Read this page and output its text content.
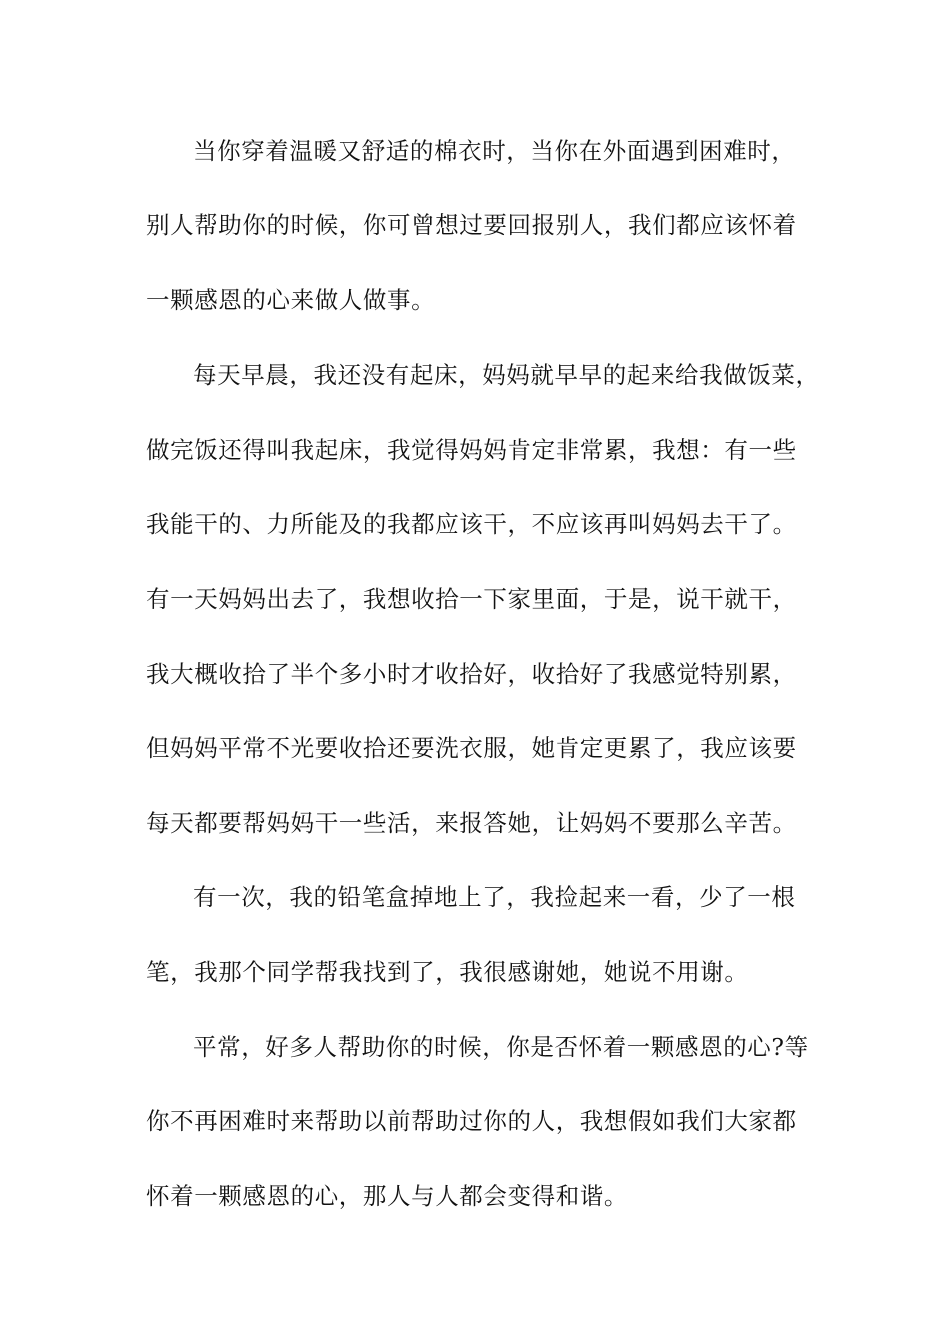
当你穿着温暖又舒适的棉衣时，当你在外面遇到困难时，
别人帮助你的时候，你可曾想过要回报别人，我们都应该怀着
一颗感恩的心来做人做事。
每天早晨，我还没有起床，妈妈就早早的起来给我做饭菜，
做完饭还得叫我起床，我觉得妈妈肯定非常累，我想：有一些
我能干的、力所能及的我都应该干，不应该再叫妈妈去干了。
有一天妈妈出去了，我想收拾一下家里面，于是，说干就干，
我大概收拾了半个多小时才收拾好，收拾好了我感觉特别累，
但妈妈平常不光要收拾还要洗衣服，她肯定更累了，我应该要
每天都要帮妈妈干一些活，来报答她，让妈妈不要那么辛苦。
有一次，我的铅笔盒掉地上了，我捡起来一看，少了一根
笔，我那个同学帮我找到了，我很感谢她，她说不用谢。
平常，好多人帮助你的时候，你是否怀着一颗感恩的心?等
你不再困难时来帮助以前帮助过你的人，我想假如我们大家都
怀着一颗感恩的心，那人与人都会变得和谐。
